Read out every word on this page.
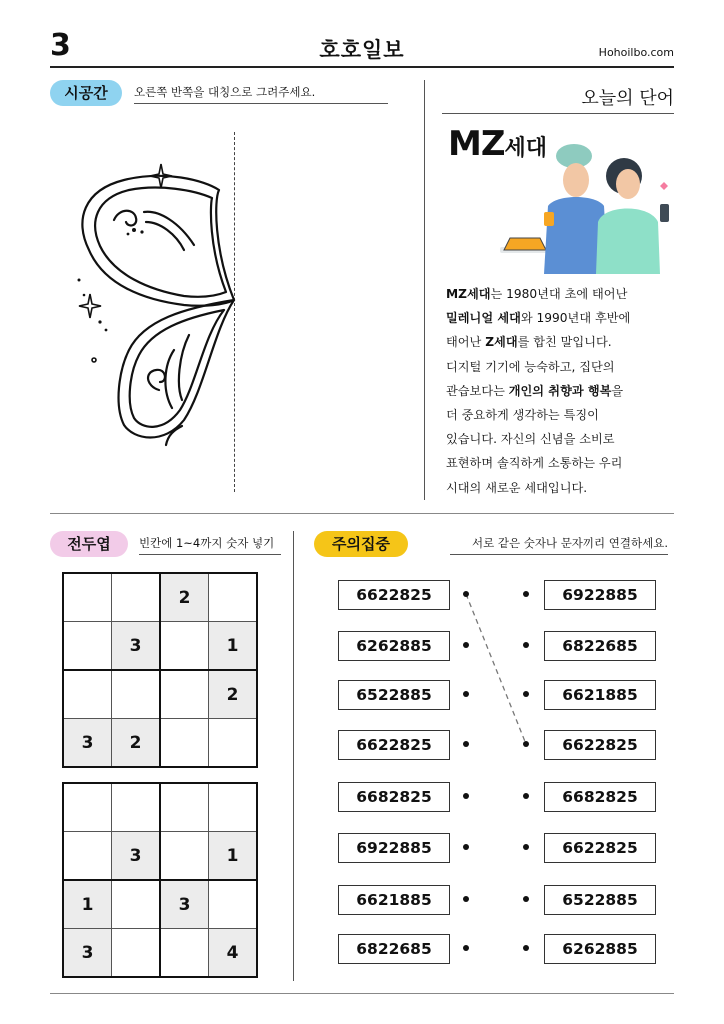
3	호호일보	Hohoilbo.com
시공간	오른쪽 반쪽을 대칭으로 그려주세요.	오늘의 단어
MZ세대
MZ세대는 1980년대 초에 태어난
밀레니얼 세대와 1990년대 후반에
태어난 Z세대를 합친 말입니다.
디지털 기기에 능숙하고, 집단의
관습보다는 개인의 취향과 행복을
더 중요하게 생각하는 특징이
있습니다. 자신의 신념을 소비로
표현하며 솔직하게 소통하는 우리
시대의 새로운 세대입니다.
전두엽	빈칸에 1~4까지 숫자 넣기
		2	
	3		1
			2
3	2		

	3		1
1		3	
3			4
주의집중	서로 같은 숫자나 문자끼리 연결하세요.
6622825
6262885
6522885
6622825
6682825
6922885
6621885
6822685
6922885
6822685
6621885
6622825
6682825
6622825
6522885
6262885
